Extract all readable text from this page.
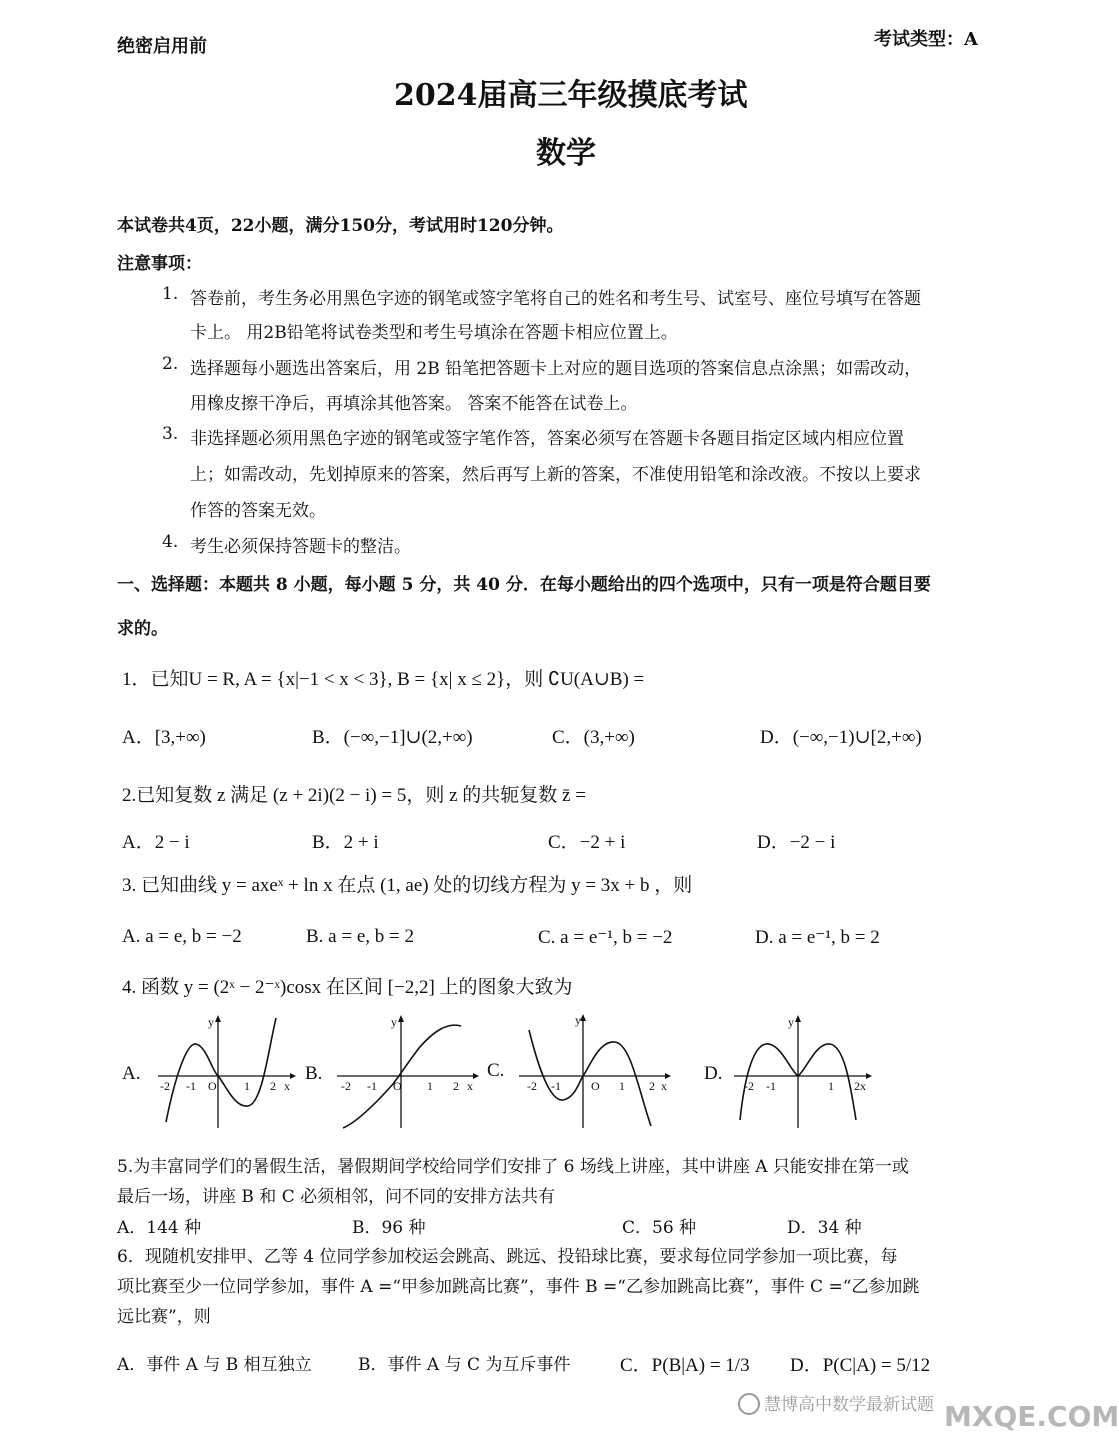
绝密启用前	考试类型：A
2024届高三年级摸底考试
数学
本试卷共4页，22小题，满分150分，考试用时120分钟。
注意事项：
1. 答卷前，考生务必用黑色字迹的钢笔或签字笔将自己的姓名和考生号、试室号、座位号填写在答题
卡上。 用2B铅笔将试卷类型和考生号填涂在答题卡相应位置上。
2. 选择题每小题选出答案后，用 2B 铅笔把答题卡上对应的题目选项的答案信息点涂黑；如需改动，
用橡皮擦干净后，再填涂其他答案。 答案不能答在试卷上。
3. 非选择题必须用黑色字迹的钢笔或签字笔作答，答案必须写在答题卡各题目指定区域内相应位置
上；如需改动，先划掉原来的答案，然后再写上新的答案，不准使用铅笔和涂改液。不按以上要求
作答的答案无效。
4. 考生必须保持答题卡的整洁。
一、选择题：本题共 8 小题，每小题 5 分，共 40 分．在每小题给出的四个选项中，只有一项是符合题目要
求的。
1．已知U = R, A = {x|−1 < x < 3}, B = {x| x ≤ 2}，则 ∁U(A∪B) =
A．[3,+∞)	B．(−∞,−1]∪(2,+∞)	C．(3,+∞)	D．(−∞,−1)∪[2,+∞)
2.已知复数 z 满足 (z + 2i)(2 − i) = 5，则 z 的共轭复数 z̄ =
A．2 − i	B．2 + i	C．−2 + i	D．−2 − i
3. 已知曲线 y = axeˣ + ln x 在点 (1, ae) 处的切线方程为 y = 3x + b ，则
A. a = e, b = −2	B. a = e, b = 2	C. a = e⁻¹, b = −2	D. a = e⁻¹, b = 2
4. 函数 y = (2ˣ − 2⁻ˣ)cosx 在区间 [−2,2] 上的图象大致为
A.
y
-2 -1 O 1 2 x
B.
y
-2 -1 O 1 2 x
C.
y
-2 -1	O 1 2 x
D.
y
-2 -1	1 2x
5.为丰富同学们的暑假生活，暑假期间学校给同学们安排了 6 场线上讲座，其中讲座 A 只能安排在第一或
最后一场，讲座 B 和 C 必须相邻，问不同的安排方法共有
A．144 种	B．96 种	C．56 种	D．34 种
6．现随机安排甲、乙等 4 位同学参加校运会跳高、跳远、投铅球比赛，要求每位同学参加一项比赛，每
项比赛至少一位同学参加，事件 A =“甲参加跳高比赛”，事件 B =“乙参加跳高比赛”，事件 C =“乙参加跳
远比赛”，则
A．事件 A 与 B 相互独立	B．事件 A 与 C 为互斥事件	C．P(B|A) = 1/3 D．P(C|A) = 5/12
慧博高中数学最新试题 MXQE.COM
